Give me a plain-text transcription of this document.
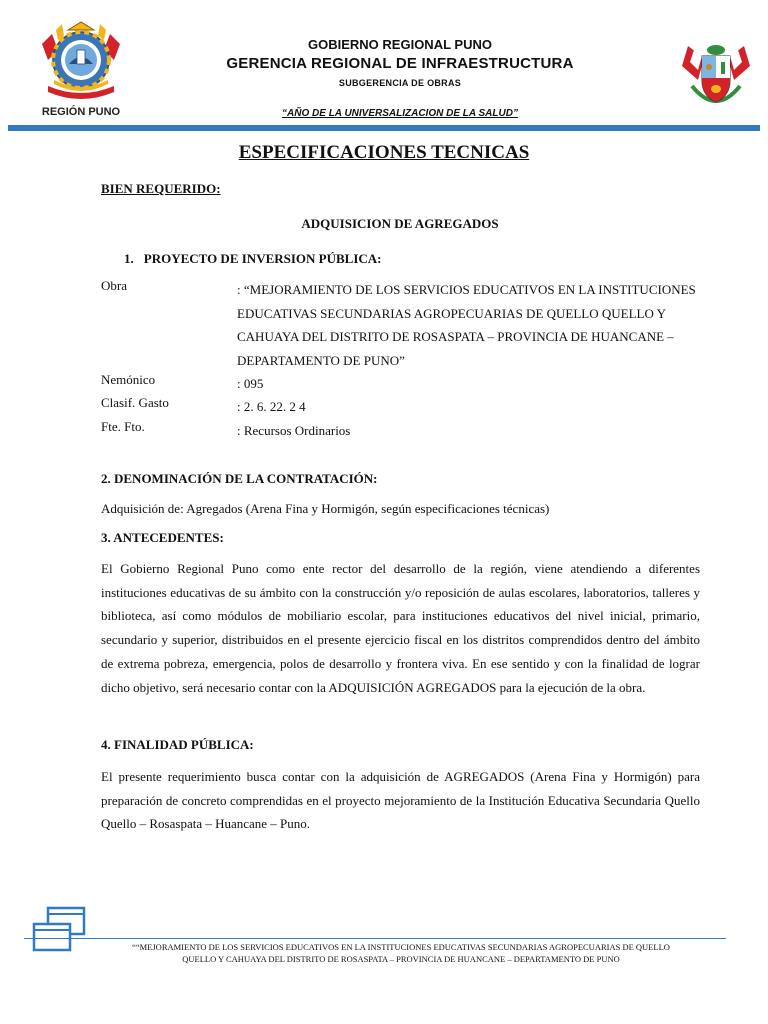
REGIÓN PUNO
GOBIERNO REGIONAL PUNO
GERENCIA REGIONAL DE INFRAESTRUCTURA
SUBGERENCIA DE OBRAS
“AÑO DE LA UNIVERSALIZACION DE LA SALUD”
ESPECIFICACIONES TECNICAS
BIEN REQUERIDO:
ADQUISICION DE AGREGADOS
1. PROYECTO DE INVERSION PÚBLICA:
Obra	: “MEJORAMIENTO DE LOS SERVICIOS EDUCATIVOS EN LA INSTITUCIONES EDUCATIVAS SECUNDARIAS AGROPECUARIAS DE QUELLO QUELLO Y CAHUAYA DEL DISTRITO DE ROSASPATA – PROVINCIA DE HUANCANE – DEPARTAMENTO DE PUNO”
Nemónico	: 095
Clasif. Gasto	: 2. 6. 22. 2 4
Fte. Fto.	: Recursos Ordinarios
2. DENOMINACIÓN DE LA CONTRATACIÓN:
Adquisición de: Agregados (Arena Fina y Hormigón, según especificaciones técnicas)
3. ANTECEDENTES:
El Gobierno Regional Puno como ente rector del desarrollo de la región, viene atendiendo a diferentes instituciones educativas de su ámbito con la construcción y/o reposición de aulas escolares, laboratorios, talleres y biblioteca, así como módulos de mobiliario escolar, para instituciones educativos del nivel inicial, primario, secundario y superior, distribuidos en el presente ejercicio fiscal en los distritos comprendidos dentro del ámbito de extrema pobreza, emergencia, polos de desarrollo y frontera viva. En ese sentido y con la finalidad de lograr dicho objetivo, será necesario contar con la ADQUISICIÓN AGREGADOS para la ejecución de la obra.
4. FINALIDAD PÚBLICA:
El presente requerimiento busca contar con la adquisición de AGREGADOS (Arena Fina y Hormigón) para preparación de concreto comprendidas en el proyecto mejoramiento de la Institución Educativa Secundaria Quello Quello – Rosaspata – Huancane – Puno.
““MEJORAMIENTO DE LOS SERVICIOS EDUCATIVOS EN LA INSTITUCIONES EDUCATIVAS SECUNDARIAS AGROPECUARIAS DE QUELLO
QUELLO Y CAHUAYA DEL DISTRITO DE ROSASPATA – PROVINCIA DE HUANCANE – DEPARTAMENTO DE PUNO
